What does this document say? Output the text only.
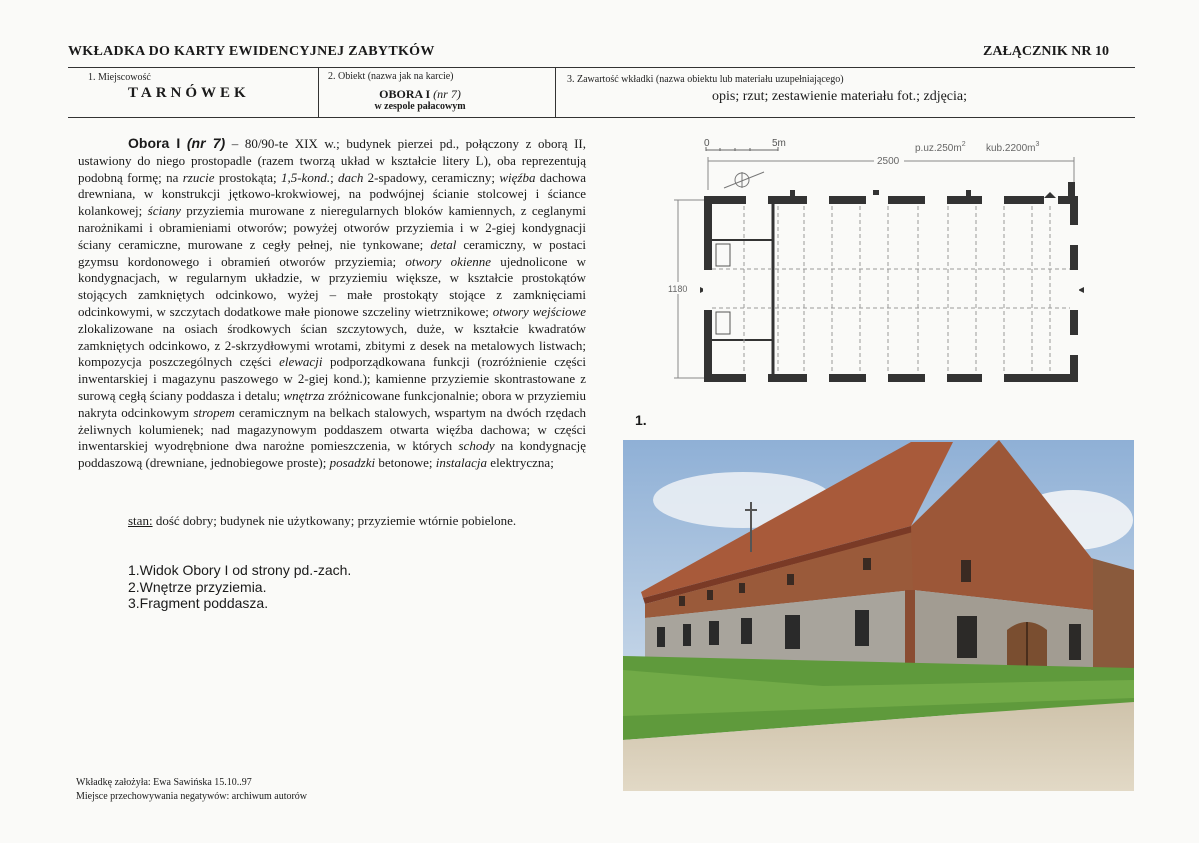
WKŁADKA DO KARTY EWIDENCYJNEJ ZABYTKÓW	ZAŁĄCZNIK NR 10
1. Miejscowość
TARNÓWEK
2. Obiekt (nazwa jak na karcie)
OBORA I (nr 7)
w zespole pałacowym
3. Zawartość wkładki (nazwa obiektu lub materiału uzupełniającego)
opis; rzut; zestawienie materiału fot.; zdjęcia;
Obora I (nr 7) – 80/90-te XIX w.; budynek pierzei pd., połączony z oborą II, ustawiony do niego prostopadle (razem tworzą układ w kształcie litery L), oba reprezentują podobną formę; na rzucie prostokąta; 1,5-kond.; dach 2-spadowy, ceramiczny; więźba dachowa drewniana, w konstrukcji jętkowo-krokwiowej, na podwójnej ścianie stolcowej i ściance kolankowej; ściany przyziemia murowane z nieregularnych bloków kamiennych, z ceglanymi narożnikami i obramieniami otworów; powyżej otworów przyziemia i w 2-giej kondygnacji ściany ceramiczne, murowane z cegły pełnej, nie tynkowane; detal ceramiczny, w postaci gzymsu kordonowego i obramień otworów przyziemia; otwory okienne ujednolicone w kondygnacjach, w regularnym układzie, w przyziemiu większe, w kształcie prostokątów stojących zamkniętych odcinkowo, wyżej – małe prostokąty stojące z zamknięciami odcinkowymi, w szczytach dodatkowe małe pionowe szczeliny wietrznikowe; otwory wejściowe zlokalizowane na osiach środkowych ścian szczytowych, duże, w kształcie kwadratów zamkniętych odcinkowo, z 2-skrzydłowymi wrotami, zbitymi z desek na metalowych listwach; kompozycja poszczególnych części elewacji podporządkowana funkcji (rozróżnienie części inwentarskiej i magazynu paszowego w 2-giej kond.); kamienne przyziemie skontrastowane z surową cegłą ściany poddasza i detalu; wnętrza zróżnicowane funkcjonalnie; obora w przyziemiu nakryta odcinkowym stropem ceramicznym na belkach stalowych, wspartym na dwóch rzędach żeliwnych kolumienek; nad magazynowym poddaszem otwarta więźba dachowa; w części inwentarskiej wyodrębnione dwa narożne pomieszczenia, w których schody na kondygnację poddaszową (drewniane, jednobiegowe proste); posadzki betonowe; instalacja elektryczna;
stan: dość dobry; budynek nie użytkowany; przyziemie wtórnie pobielone.
1.Widok Obory I od strony pd.-zach.
2.Wnętrze przyziemia.
3.Fragment poddasza.
Wkładkę założyła: Ewa Sawińska 15.10..97
Miejsce przechowywania negatywów: archiwum autorów
0	5m	$p.uz.250m^2$ $kub.2200m^3$
2500
1180
1.
